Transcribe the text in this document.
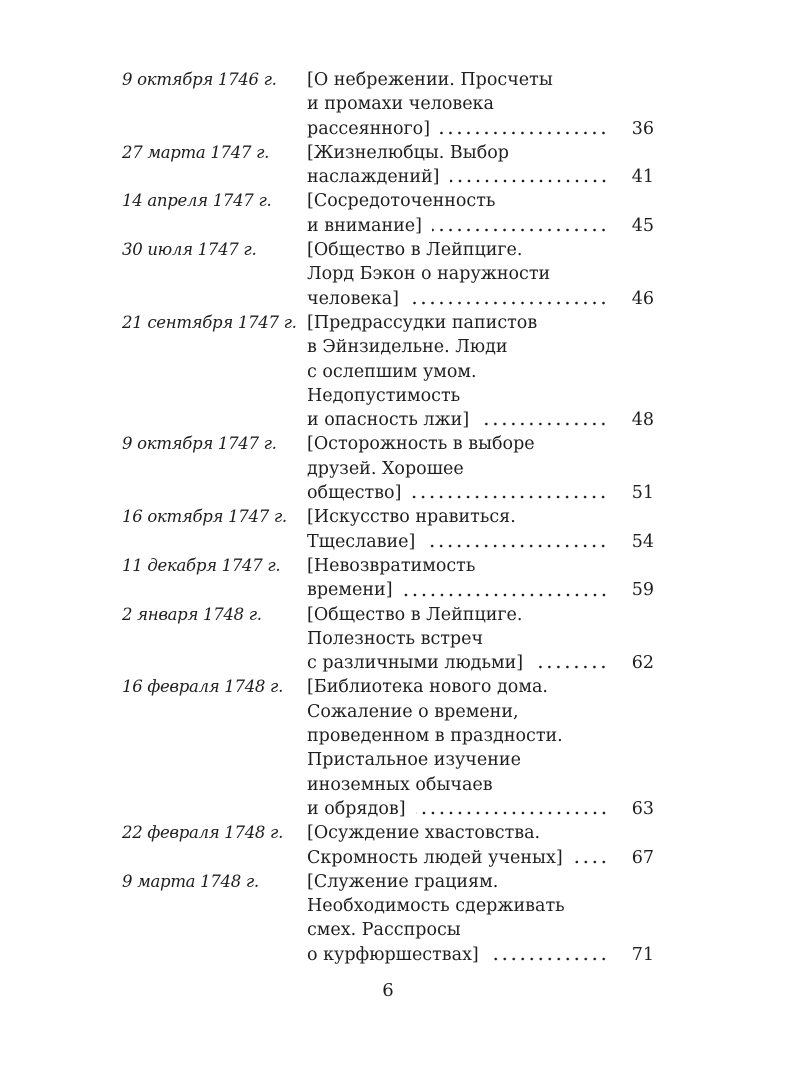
9 октября 1746 г.	[О небрежении. Просчеты
и промахи человека
рассеянного]	36
27 марта 1747 г.	[Жизнелюбцы. Выбор
наслаждений]	41
14 апреля 1747 г.	[Сосредоточенность
и внимание]	45
30 июля 1747 г.	[Общество в Лейпциге.
Лорд Бэкон о наружности
человека]	46
21 сентября 1747 г. [Предрассудки папистов
в Эйнзидельне. Люди
с ослепшим умом.
Недопустимость
и опасность лжи]	48
9 октября 1747 г.	[Осторожность в выборе
друзей. Хорошее
общество]	51
16 октября 1747 г.	[Искусство нравиться.
Тщеславие]	54
11 декабря 1747 г.	[Невозвратимость
времени]	59
2 января 1748 г.	[Общество в Лейпциге.
Полезность встреч
с различными людьми]	62
16 февраля 1748 г.	[Библиотека нового дома.
Сожаление о времени,
проведенном в праздности.
Пристальное изучение
иноземных обычаев
и обрядов]	63
22 февраля 1748 г.	[Осуждение хвастовства.
Скромность людей ученых]	67
9 марта 1748 г.	[Служение грациям.
Необходимость сдерживать
смех. Расспросы
о курфюршествах]	71
6
